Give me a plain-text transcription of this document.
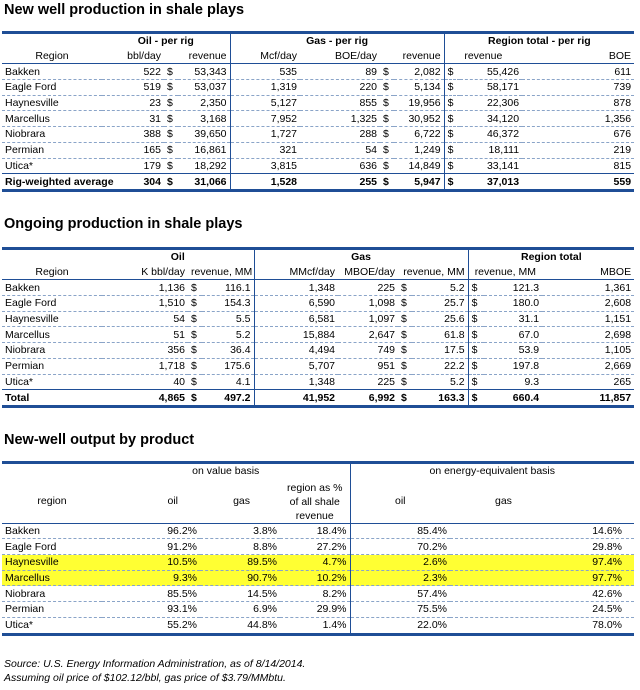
New well production in shale plays
	Oil - per rig			Gas - per rig				Region total - per rig		
Region	bbl/day	revenue		Mcf/day	BOE/day	revenue		revenue		BOE
Bakken	522	$	53,343	535	89	$	2,082	$	55,426	611
Eagle Ford	519	$	53,037	1,319	220	$	5,134	$	58,171	739
Haynesville	23	$	2,350	5,127	855	$	19,956	$	22,306	878
Marcellus	31	$	3,168	7,952	1,325	$	30,952	$	34,120	1,356
Niobrara	388	$	39,650	1,727	288	$	6,722	$	46,372	676
Permian	165	$	16,861	321	54	$	1,249	$	18,111	219
Utica*	179	$	18,292	3,815	636	$	14,849	$	33,141	815
Rig-weighted average	304	$	31,066	1,528	255	$	5,947	$	37,013	559
Ongoing production in shale plays
	Oil			Gas				Region total		
Region	K bbl/day	revenue, MM		MMcf/day	MBOE/day	revenue, MM		revenue, MM		MBOE
Bakken	1,136	$	116.1	1,348	225	$	5.2	$	121.3	1,361
Eagle Ford	1,510	$	154.3	6,590	1,098	$	25.7	$	180.0	2,608
Haynesville	54	$	5.5	6,581	1,097	$	25.6	$	31.1	1,151
Marcellus	51	$	5.2	15,884	2,647	$	61.8	$	67.0	2,698
Niobrara	356	$	36.4	4,494	749	$	17.5	$	53.9	1,105
Permian	1,718	$	175.6	5,707	951	$	22.2	$	197.8	2,669
Utica*	40	$	4.1	1,348	225	$	5.2	$	9.3	265
Total	4,865	$	497.2	41,952	6,992	$	163.3	$	660.4	11,857
New-well output by product
	on value basis			on energy-equivalent basis	
region	oil	gas	region as % of all shale revenue	oil	gas
Bakken	96.2%	3.8%	18.4%	85.4%	14.6%
Eagle Ford	91.2%	8.8%	27.2%	70.2%	29.8%
Haynesville	10.5%	89.5%	4.7%	2.6%	97.4%
Marcellus	9.3%	90.7%	10.2%	2.3%	97.7%
Niobrara	85.5%	14.5%	8.2%	57.4%	42.6%
Permian	93.1%	6.9%	29.9%	75.5%	24.5%
Utica*	55.2%	44.8%	1.4%	22.0%	78.0%
Source: U.S. Energy Information Administration, as of 8/14/2014.
Assuming oil price of $102.12/bbl, gas price of $3.79/MMbtu.
